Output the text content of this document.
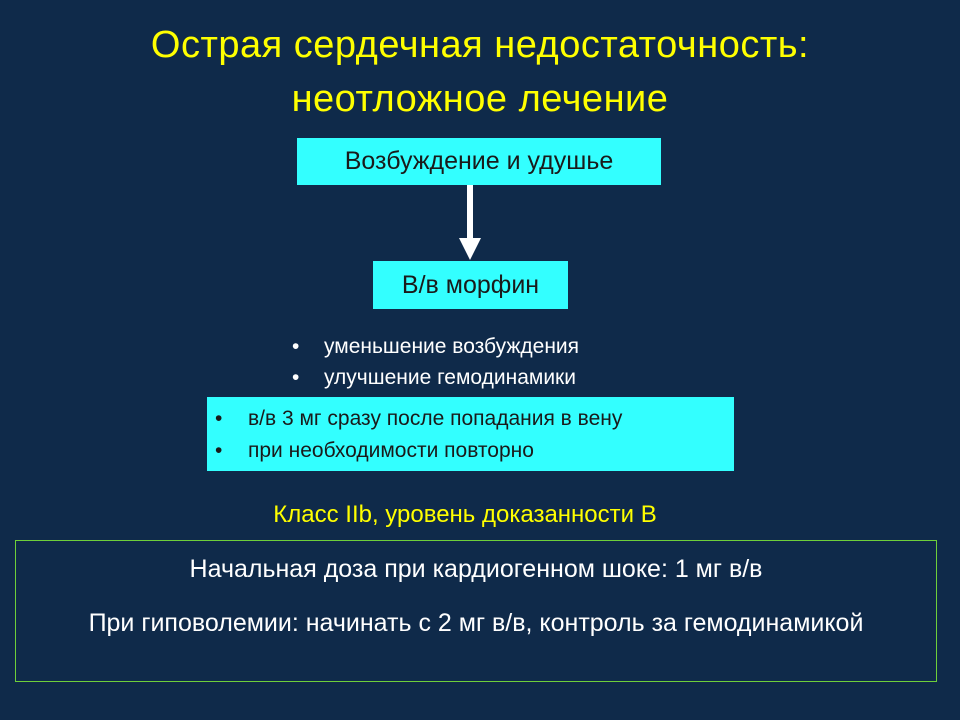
Острая сердечная недостаточность:
неотложное лечение
Возбуждение и удушье
В/в морфин
• уменьшение возбуждения
• улучшение гемодинамики
• в/в 3 мг сразу после попадания в вену
• при необходимости повторно
Класс IIb, уровень доказанности В
Начальная доза при кардиогенном шоке: 1 мг в/в
При гиповолемии: начинать с 2 мг в/в, контроль за гемодинамикой
